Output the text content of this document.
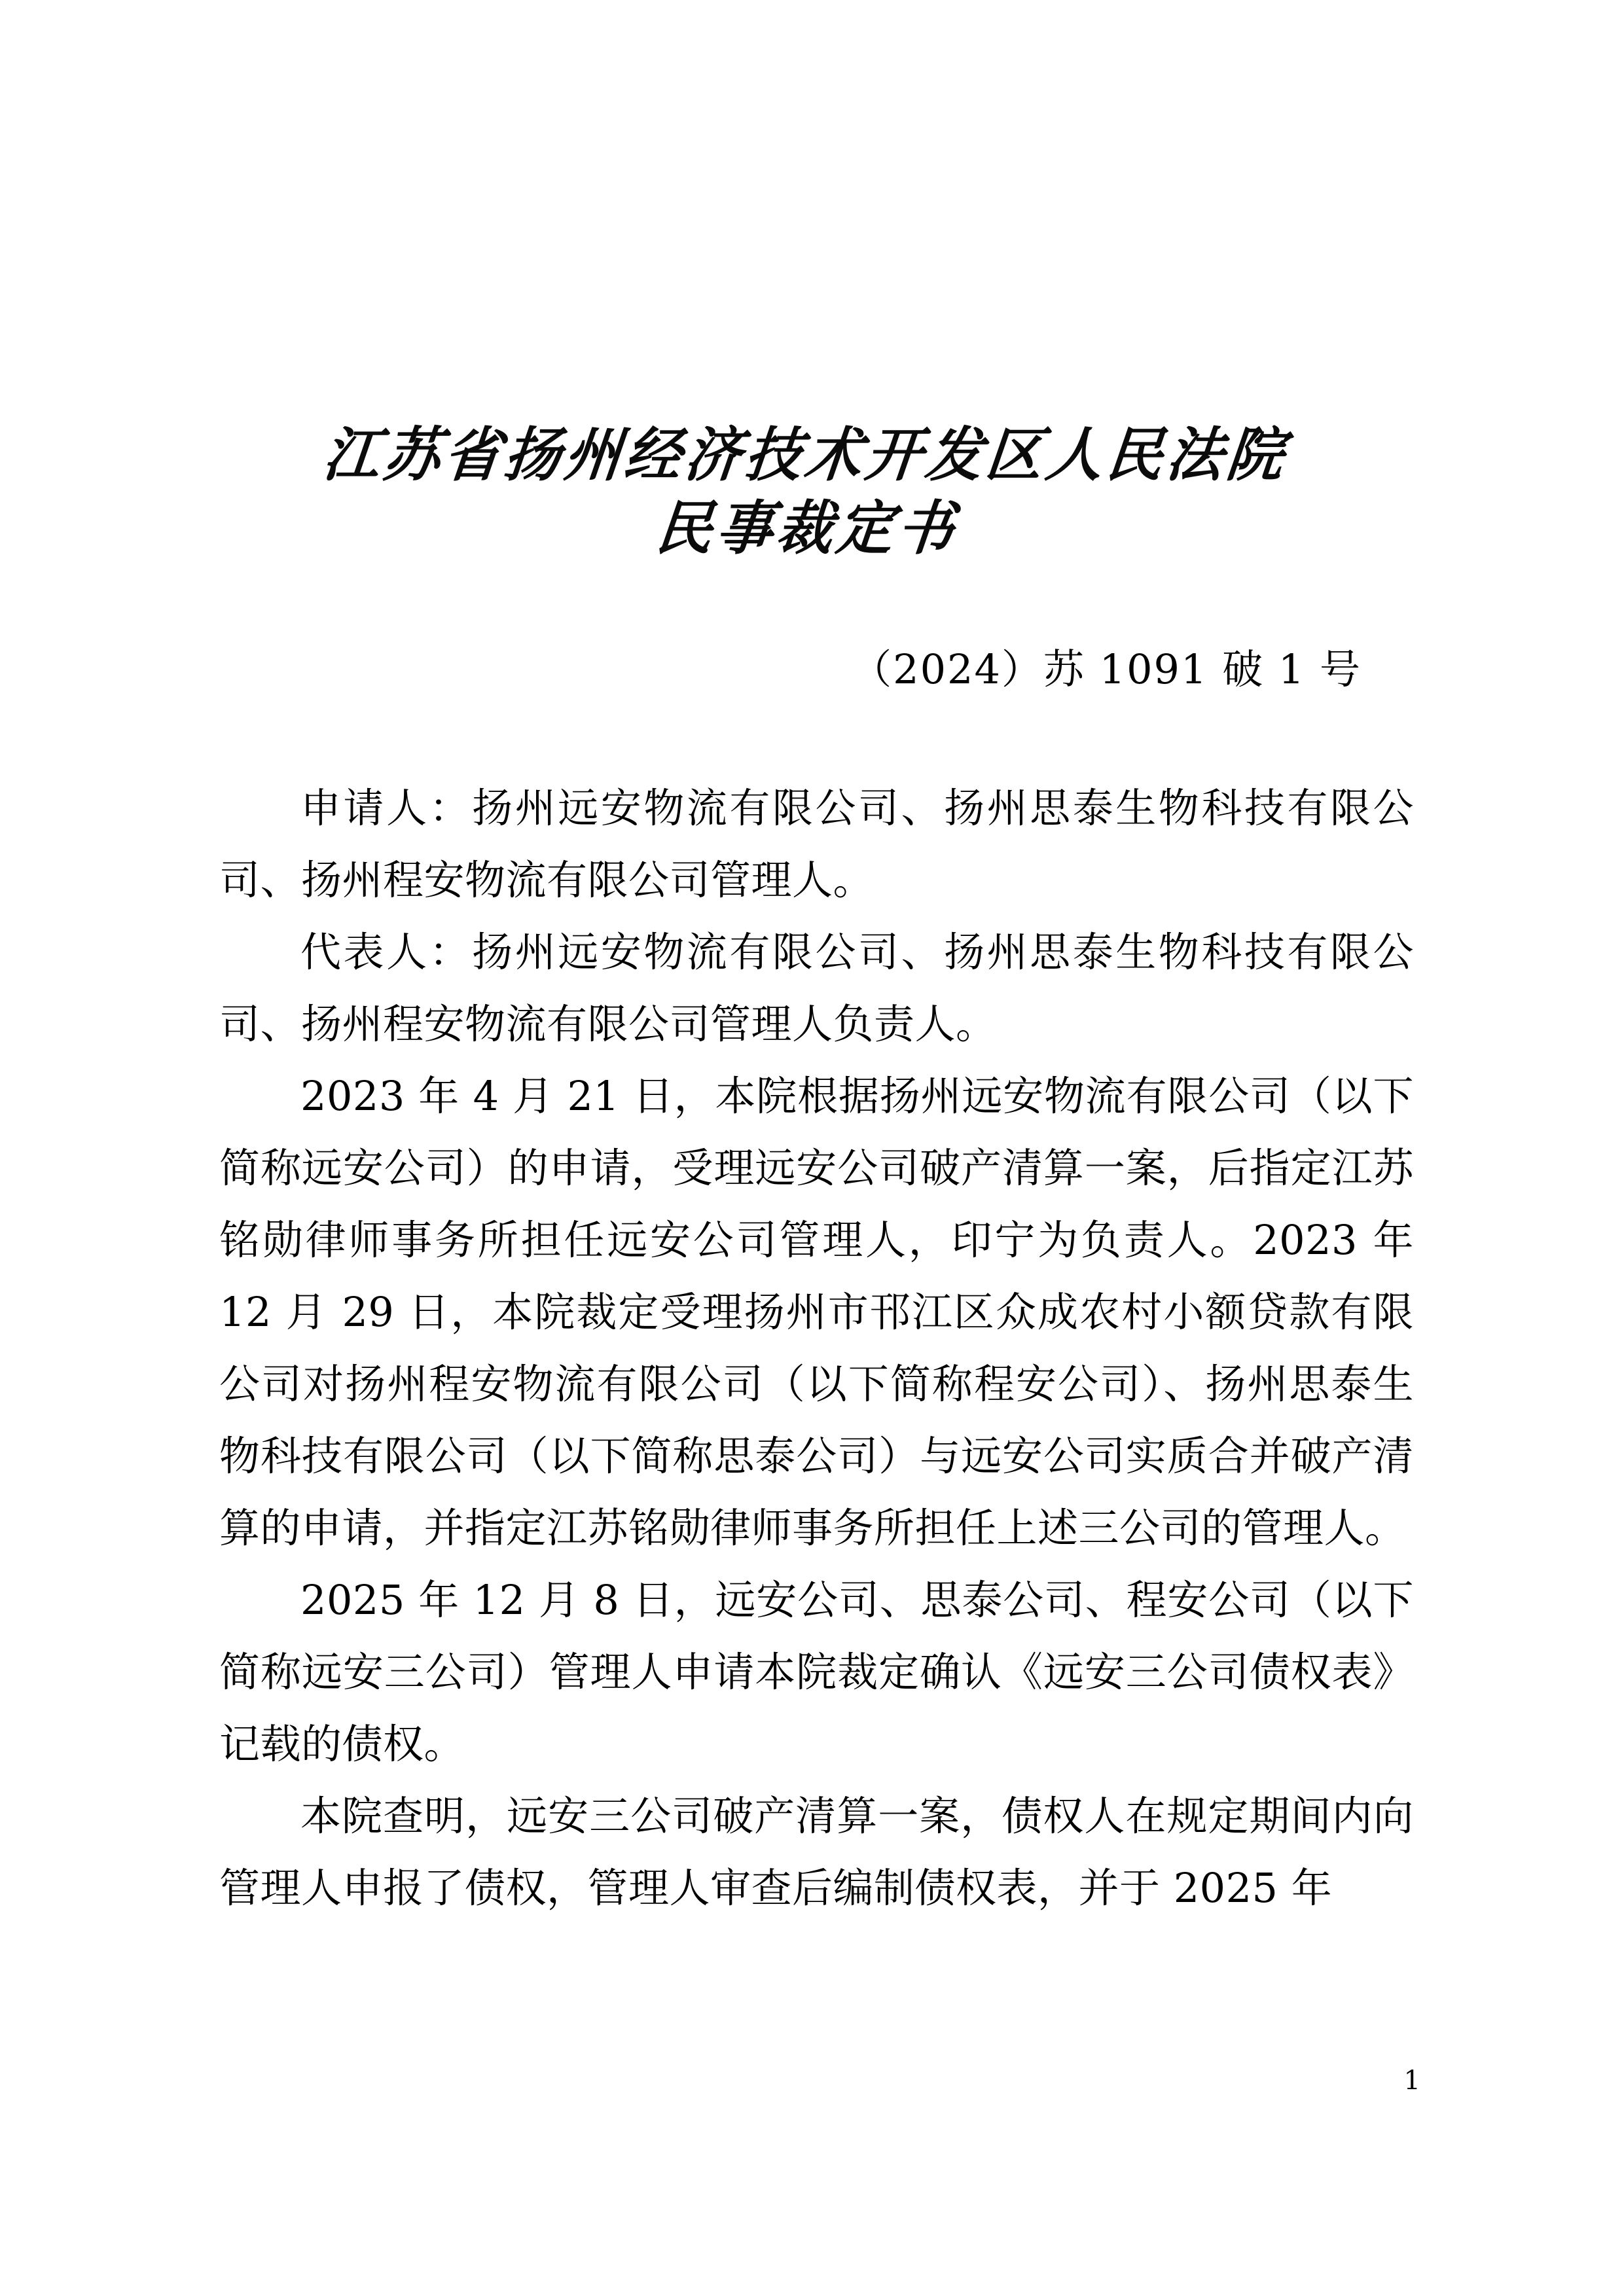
江苏省扬州经济技术开发区人民法院
民事裁定书
（2024）苏 1091 破 1 号

申请人：扬州远安物流有限公司、扬州思泰生物科技有限公司、扬州程安物流有限公司管理人。

代表人：扬州远安物流有限公司、扬州思泰生物科技有限公司、扬州程安物流有限公司管理人负责人。

2023 年 4 月 21 日，本院根据扬州远安物流有限公司（以下简称远安公司）的申请，受理远安公司破产清算一案，后指定江苏铭勋律师事务所担任远安公司管理人，印宁为负责人。2023 年 12 月 29 日，本院裁定受理扬州市邗江区众成农村小额贷款有限公司对扬州程安物流有限公司（以下简称程安公司）、扬州思泰生物科技有限公司（以下简称思泰公司）与远安公司实质合并破产清算的申请，并指定江苏铭勋律师事务所担任上述三公司的管理人。

2025 年 12 月 8 日，远安公司、思泰公司、程安公司（以下简称远安三公司）管理人申请本院裁定确认《远安三公司债权表》记载的债权。

本院查明，远安三公司破产清算一案，债权人在规定期间内向管理人申报了债权，管理人审查后编制债权表，并于 2025 年

1
